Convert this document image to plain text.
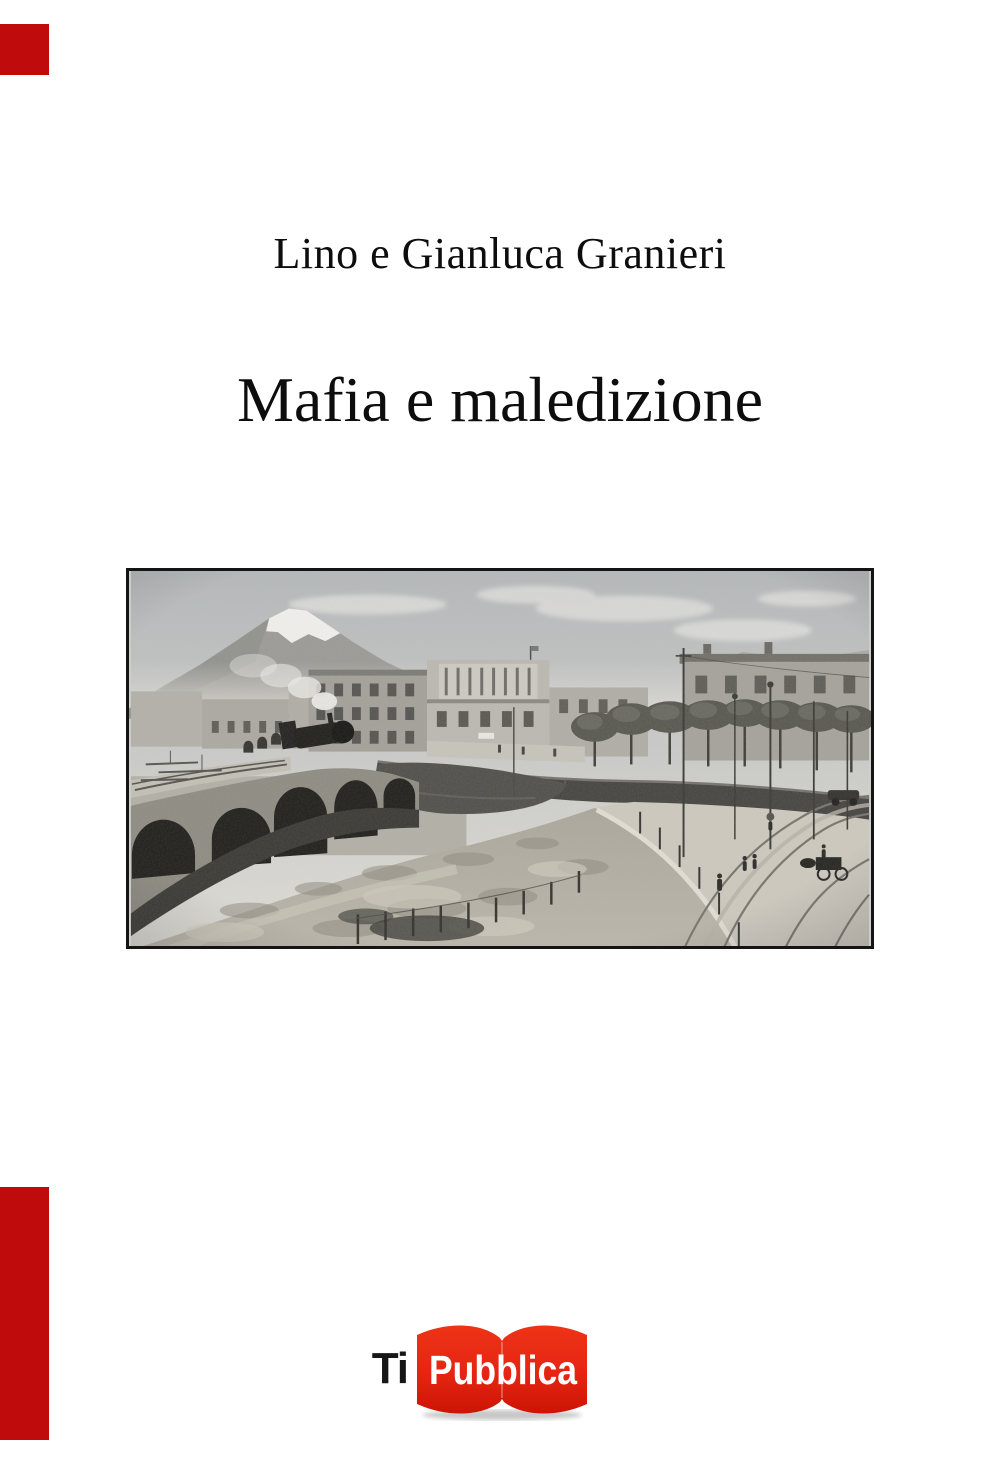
Lino e Gianluca Granieri
Mafia e maledizione
Ti Pubblica
